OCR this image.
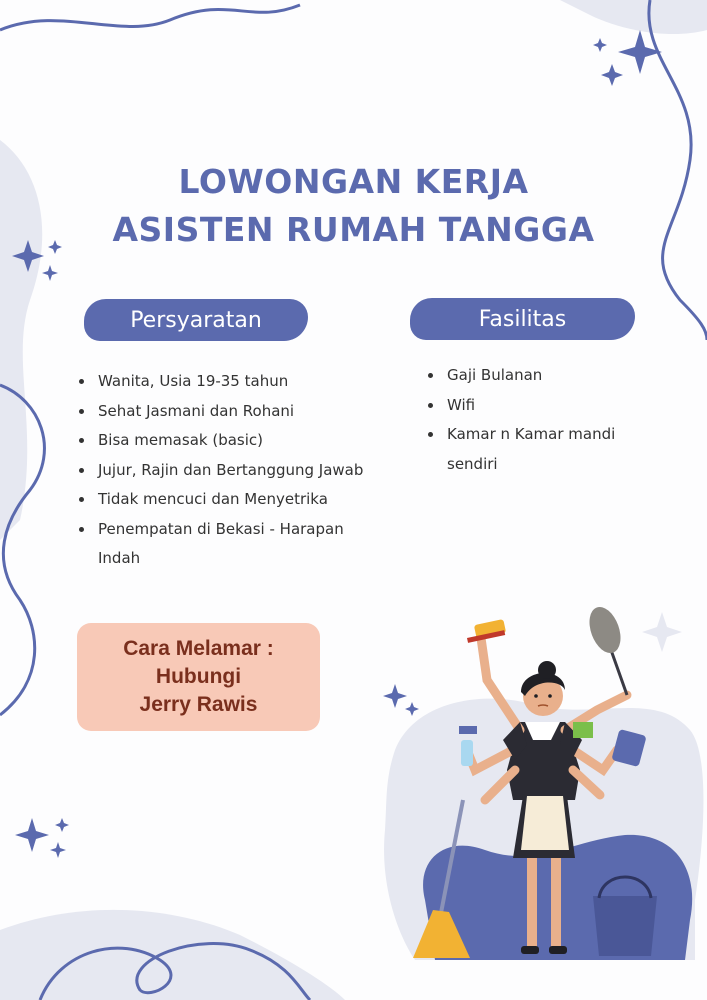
LOWONGAN KERJA
ASISTEN RUMAH TANGGA
Persyaratan
Wanita, Usia 19-35 tahun
Sehat Jasmani dan Rohani
Bisa memasak (basic)
Jujur, Rajin dan Bertanggung Jawab
Tidak mencuci dan Menyetrika
Penempatan di Bekasi - Harapan Indah
Fasilitas
Gaji Bulanan
Wifi
Kamar n Kamar mandi sendiri
Cara Melamar :
Hubungi
Jerry Rawis
